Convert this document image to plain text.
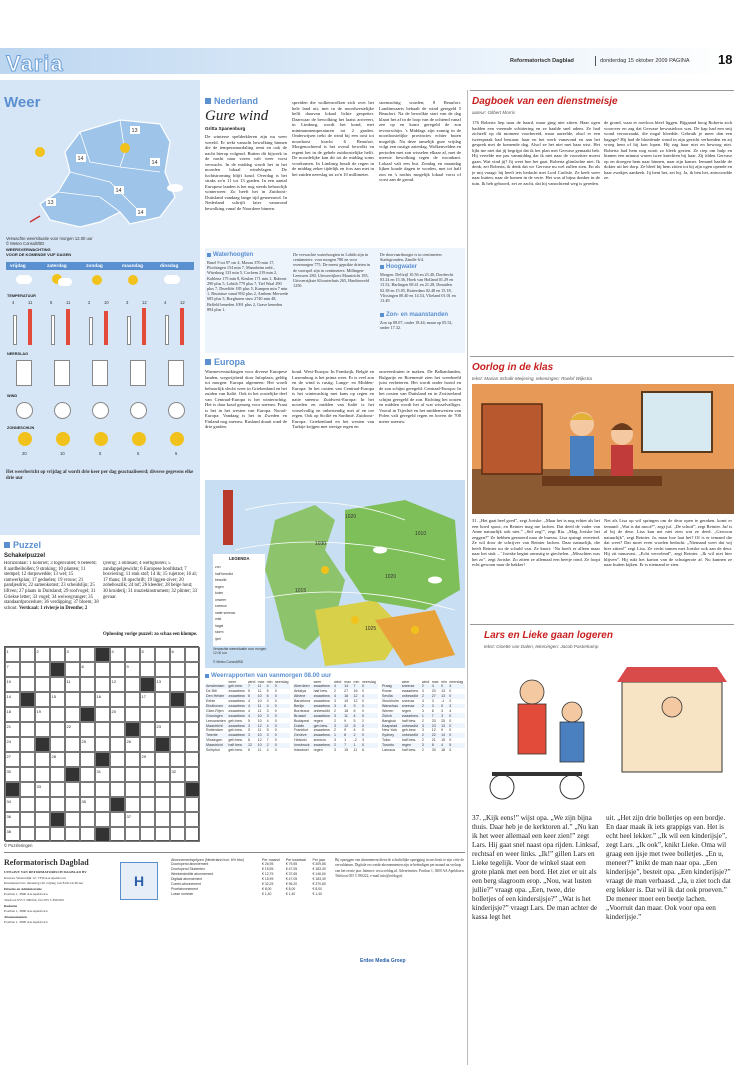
Varia	Reformatorisch Dagblad	donderdag 15 oktober 2009 PAGINA 18
Weer
13
14
14
14
13
14
Verwachte weersituatie voor morgen 12.00 uur
© Meteo Consult/BD
WEERSVERWACHTING
VOOR DE KOMENDE VIJF DAGEN
vrijdag	zaterdag	zondag	maandag	dinsdag
TEMPERATUUR
4	11	5	11	2	10	3	12	4	12
NEERSLAG
WIND
ZONNESCHIJN
20	10	5	5	5
Het weerbericht op vrijdag af wordt drie keer per dag geactualiseerd; diverse gegevens elke drie uur
Nederland
Gure wind
Gritta Spanenburg
De winterse spelderkleren zijn nu weer wereld. Er trekt vanacht bewolking binnen die de temperatuurdaling remt en ook de nacht hierop volgend. Buiten dit bijwerk in de nacht naar voren valt weer vorst verwacht. In de middag wordt het in het noorden lokaal windvlagen. De luchtstroming blijft koud. Overdag is het straks zo'n 11 tot 13 graden. In een aantal Europese landen is het nog steeds behoorlijk winterweer. Zo heeft het in Zuidoost-Duitsland vandaag lange tijd gesneeuwd. In Nederland schrijft later vanavond bewolking vanaf de Noordzee binnen.
spreiden die wolkenwolken zich over het hele land uit, met in de noordwestelijke helft daarvan lokaal lichte gespetter. Daarwaar de bewolking het laatst arriveert, in Limburg, wordt het kond, met minimumtemperaturen tot 2 graden. Onderwijsen trekt de wind bij een oost tot noordoost kracht 6 Beaufort. Morgenochtend is het overal bewolkt en regent het in de gehele zuidoostelijke helft. De noordelijke kan dit tot de middag soms voorkomen. In Limburg houdt de regen in de middag zeker tijdelijk en fors aan met in het zuiden neerslag tot zo'n 10 millimeter.
stormachtig worden; 8 Beaufort. Landinwaarts behaalt de wind geregeld 5 Beaufort. Na de bewolkte start van de dag klaart het af in de loop van de ochtend vanaf zee op en komt geregeld de zon tevoorschijn. 's Middags zijn zonnig in de noordoostelijke provincies echter buien mogelijk. Na deze tamelijk gure vrijdag volgt een rustige zaterdag. Wolkenvelden en perioden met zon wisselen elkaar af, met de meeste bewolking tegen de woonkant. Lokaal valt een bui. Zondag en maandag lijken koude dagen te worden, met tot half zon en 's nachts mogelijk lokaal vorst of vorst aan de grond.
Waterhoogten
Basel 9 tot 97 cm 4, Maxau 370 min 17, Plochingen 154 min 7, Mannheim onbl., Würzburg 133 min 5, Cochem 219 min 2, Koblenz 175 min 8, Keulen 171 min 1, Ruhrort 290 plus 5, Lobith 779 plus 7, Tiel Waal 290 plus 7, Dezelfde 185 plus 5, Kampen min 7 min 1, Bruinisse vanaf 892 plus 2, Arnhem Merwede 685 plus 5, Borgharen stuw 2740 min 48, Belfeld beneden 1091 plus 2, Grave beneden 894 plus 1.
De verwachte waterhoogten in Lobith zijn in centimeters: voor morgen 780 en voor overmorgen 775. De meest geprikte drieten in de voorspel zijn in centimeters: Millingen-Leeuwen 280, Uitvoerrijkers Maastricht 185, Uitvoerrijkste Kloosterhuis 265, Hardinxveld 1250.
De doorvaarthoogte is in centimeters Stadsgronden, Zandle 6/4.
Hoogwater
Morgen. Delfzijl 10.56 en 23.40, Dordrecht 03.24 en 15.36, Hoek van Holland 01.29 en 13.52, Harlingen 08.41 en 21.28, IJmuiden 02.38 en 15.05, Rotterdam 02.48 en 15.18, Vlissingen 00.40 en 14.54, Vlieland 01.01 en 13.49.
Zon- en maanstanden
Zon op 08.07, onder 18.44; maan op 05.52, onder 17.32.
Europa
Warmeverstuikingen voor diverse Europese landen, wegwijsheid door Infoplaza, geldig tot morgen: Europa algemeen: Het wordt behoorlijk slecht weer in Griekenland en het zuiden van Italië. Ook in het oostelijke deel van Centraal-Europa is het winterachtig. Het is daar koud genoeg voor sneeuw. Fraai is het in het westen van Europa. Noord-Europa: Vandaag is het in Zweden en Finland nog sneeuw. Rusland draait rond de drie graden.
kond. West-Europa: In Frankrijk, België en Luxemburg is het prima weer. Er is veel zon en de wind is rustig. Lange- en Midden-Europa: In het oosten van Centraal-Europa is het winterachtig met kans op regen en natte sneeuw. Zuidwest-Europa: In het noorden en midden van Italië is het wisselvallig en onbestendig met af en toe regen. Ook op Sicilië en Sardinië. Zuidoost-Europa: Griekenland en het westen van Turkije krijgen met stevige regen en
onweersbuien te maken. De Balkanlanden, Bulgarije en Roemenië zien het weerbeeld juist verbeteren. Het wordt onder hooid en de zon schijnt geregeld. Centraal-Europa: In het oosten van Duitsland en in Zwitserland schijnt geregeld de zon. Richting het oosten en midden wordt het af wat wisselvalliger. Vooral in Tsjechië en het middenwesten van Polen valt geregeld regen en boven de 700 meter sneeuw.
1020
1030
1020
1010
1015
1025
LEGENDA
zon
half bewolkt
bewolkt
regen
buien
onweer
sneeuw
natte sneeuw
mist
hagel
storm
ijzel
Verwachte weersituatie voor morgen 12.00 uur
© Meteo Consult/BD
Weerrapporten van vanmorgen 08.00 uur
	weer	wind	max	min	neerslag
Amsterdam	geh.bew.	7	11	4	0
De Bilt	zwaarbew.	5	11	5	0
Den Helder	zwaarbew.	6	10	6	0
Eelde	zwaarbew.	4	10	3	0
Eindhoven	zwaarbew.	4	11	4	0
Gilze-Rijen	zwaarbew.	4	11	3	0
Groningen	zwaarbew.	4	10	3	0
Leeuwarden	geh.bew.	5	10	4	0
Maastricht	zwaarbew.	3	12	4	0
Rotterdam	geh.bew.	5	11	5	0
Twente	zwaarbew.	3	10	3	0
Vlissingen	geh.bew.	6	12	7	0
Maastricht	half bew.	12	10	2	0
Schiphol	geh.bew.	6	11	4	0
	weer	wind	max	min	neerslag
Aberdeen	zwaarbew.	4	14	7	0
Antalya	half bew.	2	27	16	0
Athene	zwaarbew.	4	18	12	4
Barcelona	zwaarbew.	3	19	12	0
Berlijn	zwaarbew.	3	8	3	0
Bordeaux	onbewolkt	2	18	6	0
Brussel	zwaarbew.	3	11	4	0
Budapest	regen	2	9	5	2
Dublin	geh.bew.	3	12	8	0
Frankfurt	zwaarbew.	2	9	4	0
Genève	zwaarbew.	1	8	2	0
Helsinki	sneeuw	3	1	-2	3
Innsbruck	zwaarbew.	2	7	1	0
Istanboel	regen	3	15	11	6
	weer	wind	max	min	neerslag
Praag	sneeuw	2	4	0	4
Rome	zwaarbew.	3	20	13	0
Sevilla	onbewolkt	2	27	13	0
Stockholm	sneeuw	3	3	-1	2
Warschau	sneeuw	2	3	0	3
Wenen	regen	3	6	3	4
Zürich	zwaarbew.	1	7	3	0
Bangkok	half bew.	2	33	25	0
Kaapstad	onbewolkt	3	23	13	0
New York	geh.bew.	3	12	9	0
Sydney	onbewolkt	2	22	14	0
Tokio	half bew.	2	21	15	0
Toronto	regen	3	8	4	5
Larnaca	half bew.	2	30	18	0
Puzzel
Schakelpuzzel
Horizontaal: 1 koloriet; 3 togenvallet; 6 beleefd; 8 aardbeibollen; 9 stroking; 10 planten; 11 stempel; 12 dorpswedde; 13 wel; 15 ramwerkplan; 17 gedoelen; 19 vrouw; 21 pandjesdris; 22 samenkomst; 23 scheidslijn; 25 liftven; 27 plaats in Duitsland; 29 roofvogel; 31 Griekse letter; 33 vogel; 34 weiwegvanger; 35 standaardprocedure; 36 verdipping; 37 bloem; 38 schout. Verticaal: 1 rivierje in Drenthe; 2
ijverig; 3 ohmsad; 4 wettighoren; 5 zandappelgewicht; 6 Europese hoofdstad; 7 bosviering; 11 stuk stof; 14 ik; 15 rujetroe; 16 al; 17 thans; 18 opschrift; 19 liggen-ziver; 20 zoheboszilk; 24 tof; 26 kleeder; 28 beige hout; 30 kruiderij; 31 muziekinstrument; 32 plinter; 33 gevaar.
Oplossing vorige puzzel: zo schaa een klompe.
1	2	3	4	5	6
7	8	9
10	11	12	13
14	15	16	17
18	19	20
21	22	23
24	25	26
27	28	29
30	31	32
33
34	35
36	37
38
© Puzzleringen
Reformatorisch Dagblad
UITGAVE VAN REFORMATORISCH DAGBLAD BV
Kantoor Westerdijk 12, 7330 AA Apeldoorn
Klantenservice: maandag t/m vrijdag van 8.00-16.30 uur
Directie en Administratie
Postbus 1, 3800 AA Apeldoorn
Telefoon 055 5 390222, fax 055 5 390 000
Redactie
Postbus 1, 3800 AA Apeldoorn
Abonnementen
Postbus 1, 3800 AA Apeldoorn
H
Abonnementsprijzen (Nederland incl. 6% btw)	Per maand	Per kwartaal	Per jaar
Doorlopend abonnement	€ 26,95	€ 79,55	€ 309,85
Doorlopend Studenten	€ 15,95	€ 47,05	€ 183,30
Weekendeditie abonnement	€ 12,75	€ 37,65	€ 146,60
Digitaal abonnement	€ 15,95	€ 47,05	€ 183,30
Combi-abonnement	€ 32,25	€ 95,20	€ 370,80
Proefabonnement	€ 8,00	€ 8,00	€ 8,00
Losse nummer	€ 1,40	€ 1,40	€ 1,40
Bij opzeggen van abonnement dient de schriftelijke opzegging in ons bezit te zijn vóór de vervaldatum. Digitale en combi-abonnementen zijn te beëindigen per maand na verloop van het eerste jaar. Internet: www.refdag.nl. Advertenties: Postbus 1, 3800 AA Apeldoorn. Telefoon 055 5 390222, e-mail info@refdag.nl.
Erdee Media Groep
Dagboek van een dienstmeisje
auteur: Gilbert Morris
176 Roberta liep naar de haard, maar ging niet zitten. Haar ogen hadden een vreemde schittering en ze haalde snel adem. Ze had zichzelf op dit moment voorbereid, maar aarzelde, alsof er een tweespraak had bestaan: haar en het werk vanavond en aan het gesprek met de komende dag. Alsof ze het niet met haar wist. Het lijkt me niet dat jij begrijpt dat ik het plan met Gervase gemaakt heb. Hij vertelde me pas vanmiddag dat ik niet naar de voorzitter moest gaan. Wat vind jij? Jij weet hoe het gaat. Roberta glimlachte niet. Ik denk, zei Roberta, ik denk dat we Gervase nu wel zullen zien. En als je mij vraagt: hij heeft iets bedacht met Lord Carlisle. Ze keek weer naar buiten, naar de bomen in de verte. Het was al bijna donker in de tuin. Ik heb gehoord, zei ze zacht, dat hij vanochtend weg is gereden.
de grond, waar er roerloos bleef liggen. Bijgaand boog Roberta zich voorover en zag dat Gervase bewusteloos was. De kap had een snij wond veroorzaakt, die nogal bloedde. Gebruik je meer dan een bagage? Hij had de bloedende wond in zijn gezicht verbonden en zij vroeg hem of hij kon lopen. Hij zag haar niet en bewoog niet. Roberta had hem nog nooit zo bleek gezien. Ze riep om hulp en binnen een minuut waren twee knechten bij haar. Zij tilden Gervase op en droegen hem naar binnen, naar zijn kamer. Iemand haalde de dokter uit het dorp. Ze bleef bij hem zitten tot hij zijn ogen opende en haar zwakjes aankeek. Jij bent het, zei hij. Ja, ik ben het, antwoordde ze.
Oorlog in de klas
tekst: Marian Schalk-Meijering, tekeningen: Roelof Wijkstra
31. „Het gaat heel goed”, zegt Joriske. „Maar het is nog echter als het een hoed spoot, en Reinier mag me lachen. Dat deed de vader van Anne natuurlijk ook niet.” „Stil zeg!”, zegt Ria. „Mag Joriske het zeggen?” Ze hebben gesnoerd naar de bureau. Lisa springt overeind. Ze wil door de schrijver van Reinier lachen. Daar natuurlijk, die heeft Reinier nu de schuld van. Ze knort: ‘Na hoeft er alleen maar naar het stuk ...’ Joriske begint onrustig te giechelen. „Misschien was het zo”, zegt Joriske. Zo zitten ze allemaal een beetje rond. Ze loopt echt gewoon naar de bakker!
Net als Lisa op wil springen om de deur open te geraken, komt er iemand: „Wat is dat mooi?”, zegt juf. „De schuif”, zegt Reinier. Juf is al bij de deur. Lisa kan net niet zien wat ze deed. „Gewoon natuurlijk”, zegt Reinier. Ja, maar hoe laat het? Of is er iemand die dat weet? Dat moet even worden bedacht. „Niemand weet dat wij hier zitten!” zegt Lisa. Ze vecht samen met Joriske ook aan de deur. Hij zit muurvast. „Echt vervelend”, zegt Reinier. „Ik wil niet hier blijven”. Hij rukt het karton van de schutgerote af. Nu kunnen ze naar buiten kijken. Er is niemand te zien.
Lars en Lieke gaan logeren
tekst: Gisette van Dalen, tekeningen: Jacob Pasterkamp
37. „Kijk eens!” wijst opa. „We zijn bijna thuis. Daar heb je de kerktoren al.” „Nu kan ik het weer allemaal een keer zien!” zegt Lars. Hij gaat snel naast opa rijden. Linksaf, rechtsaf en weer links. „Ik!” gillen Lars en Lieke tegelijk. Voor de winkel staat een grote plank met een bord. Het ziet er uit als een berg slagroom erop. „Nou, wat lusten jullie?” vraagt opa. „Een, twee, drie bolletjes of een kindersijsje?” „Wat is het kinderijsje?” vraagt Lars. De man achter de kassa legt het
uit. „Het zijn drie bolletjes op een bordje. En daar maak ik iets grappigs van. Het is echt heel lekker.” „Ik wil een kinderijsje”, zegt Lars. „Ik ook”, knikt Lieke. Oma wil graag een ijsje met twee bolletjes. „En u, meneer?” knikt de man naar opa. „Een kinderijsje”, besteit opa. „Een kinderijsje?” vraagt de man verbaasd. „Ja, u ziet toch dat erg lekker is. Dat wil ik dat ook proeven.” De meneer moet een beetje lachen. „Voorruit dan maar. Ook voor opa een kinderijsje.”
